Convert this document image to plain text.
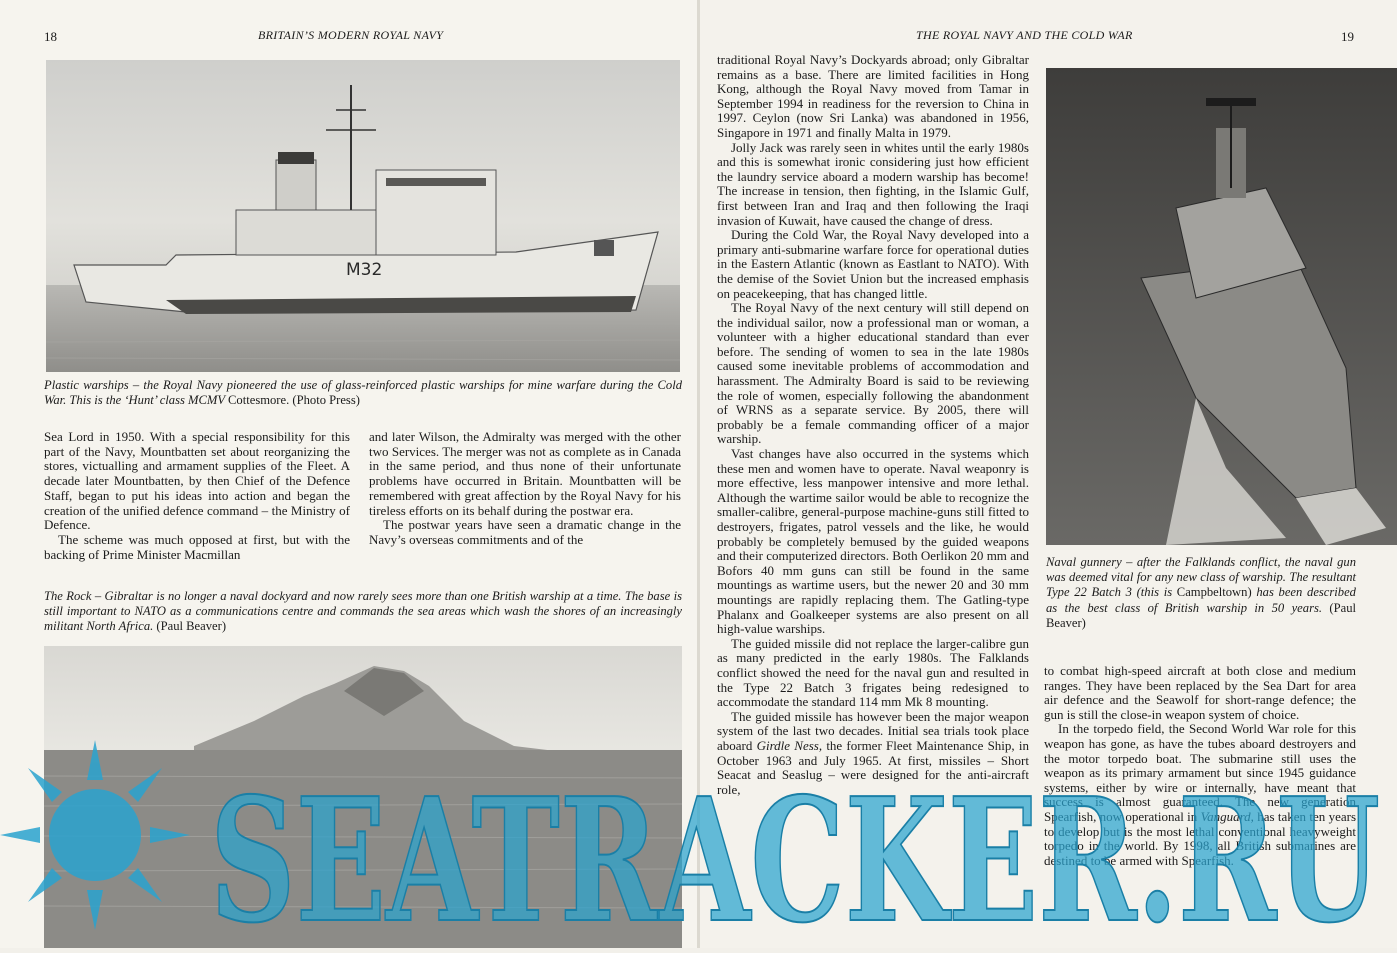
18	BRITAIN’S MODERN ROYAL NAVY
M32
Plastic warships – the Royal Navy pioneered the use of glass-reinforced plastic warships for mine warfare during the Cold War. This is the ‘Hunt’ class MCMV Cottesmore. (Photo Press)

Sea Lord in 1950. With a special responsibility for this part of the Navy, Mountbatten set about reorganizing the stores, victualling and armament supplies of the Fleet. A decade later Mountbatten, by then Chief of the Defence Staff, began to put his ideas into action and began the creation of the unified defence command – the Ministry of Defence.

The scheme was much opposed at first, but with the backing of Prime Minister Macmillan

and later Wilson, the Admiralty was merged with the other two Services. The merger was not as complete as in Canada in the same period, and thus none of their unfortunate problems have occurred in Britain. Mountbatten will be remembered with great affection by the Royal Navy for his tireless efforts on its behalf during the postwar era.

The postwar years have seen a dramatic change in the Navy’s overseas commitments and of the

The Rock – Gibraltar is no longer a naval dockyard and now rarely sees more than one British warship at a time. The base is still important to NATO as a communications centre and commands the sea areas which wash the shores of an increasingly militant North Africa. (Paul Beaver)
THE ROYAL NAVY AND THE COLD WAR	19

traditional Royal Navy’s Dockyards abroad; only Gibraltar remains as a base. There are limited facilities in Hong Kong, although the Royal Navy moved from Tamar in September 1994 in readiness for the reversion to China in 1997. Ceylon (now Sri Lanka) was abandoned in 1956, Singapore in 1971 and finally Malta in 1979.

Jolly Jack was rarely seen in whites until the early 1980s and this is somewhat ironic considering just how efficient the laundry service aboard a modern warship has become! The increase in tension, then fighting, in the Islamic Gulf, first between Iran and Iraq and then following the Iraqi invasion of Kuwait, have caused the change of dress.

During the Cold War, the Royal Navy developed into a primary anti-submarine warfare force for operational duties in the Eastern Atlantic (known as Eastlant to NATO). With the demise of the Soviet Union but the increased emphasis on peacekeeping, that has changed little.

The Royal Navy of the next century will still depend on the individual sailor, now a professional man or woman, a volunteer with a higher educational standard than ever before. The sending of women to sea in the late 1980s caused some inevitable problems of accommodation and harassment. The Admiralty Board is said to be reviewing the role of women, especially following the abandonment of WRNS as a separate service. By 2005, there will probably be a female commanding officer of a major warship.

Vast changes have also occurred in the systems which these men and women have to operate. Naval weaponry is more effective, less manpower intensive and more lethal. Although the wartime sailor would be able to recognize the smaller-calibre, general-purpose machine-guns still fitted to destroyers, frigates, patrol vessels and the like, he would probably be completely bemused by the guided weapons and their computerized directors. Both Oerlikon 20 mm and Bofors 40 mm guns can still be found in the same mountings as wartime users, but the newer 20 and 30 mm mountings are rapidly replacing them. The Gatling-type Phalanx and Goalkeeper systems are also present on all high-value warships.

The guided missile did not replace the larger-calibre gun as many predicted in the early 1980s. The Falklands conflict showed the need for the naval gun and resulted in the Type 22 Batch 3 frigates being redesigned to accommodate the standard 114 mm Mk 8 mounting.

The guided missile has however been the major weapon system of the last two decades. Initial sea trials took place aboard Girdle Ness, the former Fleet Maintenance Ship, in October 1963 and July 1965. At first, missiles – Short Seacat and Seaslug – were designed for the anti-aircraft role,

Naval gunnery – after the Falklands conflict, the naval gun was deemed vital for any new class of warship. The resultant Type 22 Batch 3 (this is Campbeltown) has been described as the best class of British warship in 50 years. (Paul Beaver)

to combat high-speed aircraft at both close and medium ranges. They have been replaced by the Sea Dart for area air defence and the Seawolf for short-range defence; the gun is still the close-in weapon system of choice.

In the torpedo field, the Second World War role for this weapon has gone, as have the tubes aboard destroyers and the motor torpedo boat. The submarine still uses the weapon as its primary armament but since 1945 guidance systems, either by wire or internally, have meant that success is almost guaranteed. The new generation Spearfish, now operational in Vanguard, has taken ten years to develop but is the most lethal conventional heavyweight torpedo in the world. By 1998, all British submarines are destined to be armed with Spearfish.

SEATRACKER.RU
